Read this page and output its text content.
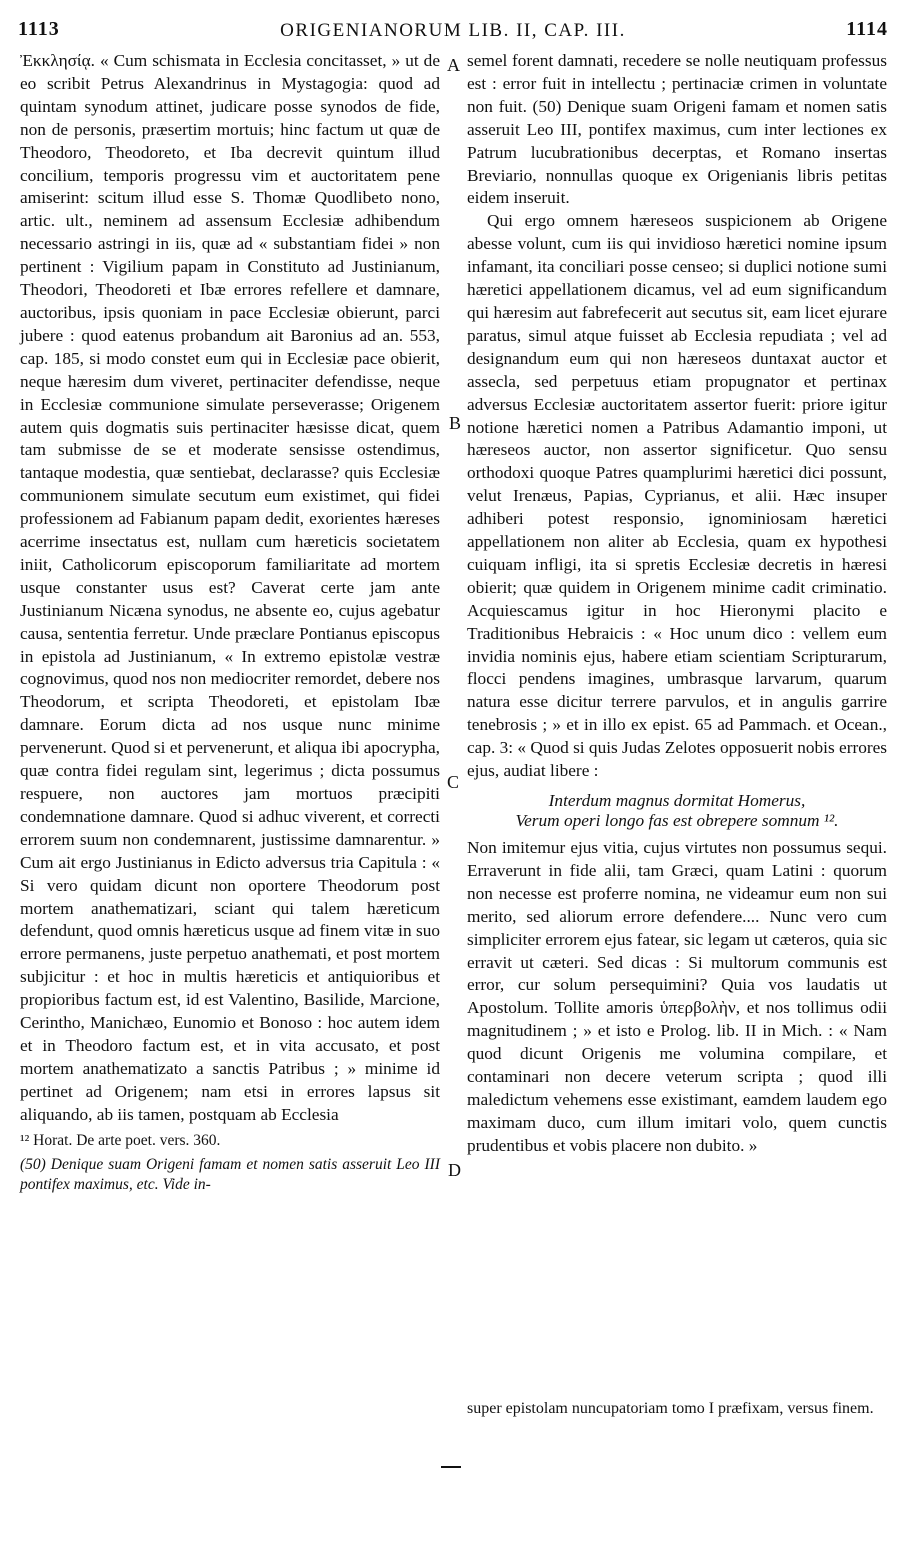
1113	ORIGENIANORUM LIB. II, CAP. III.	1114

Ἐκκλησίᾳ. « Cum schismata in Ecclesia concitasset, » ut de eo scribit Petrus Alexandrinus in Mystagogia: quod ad quintam synodum attinet, judicare posse synodos de fide, non de personis, præsertim mortuis; hinc factum ut quæ de Theodoro, Theodoreto, et Iba decrevit quintum illud concilium, temporis progressu vim et auctoritatem pene amiserint: scitum illud esse S. Thomæ Quodlibeto nono, artic. ult., neminem ad assensum Ecclesiæ adhibendum necessario astringi in iis, quæ ad « substantiam fidei » non pertinent : Vigilium papam in Constituto ad Justinianum, Theodori, Theodoreti et Ibæ errores refellere et damnare, auctoribus, ipsis quoniam in pace Ecclesiæ obierunt, parci jubere : quod eatenus probandum ait Baronius ad an. 553, cap. 185, si modo constet eum qui in Ecclesiæ pace obierit, neque hæresim dum viveret, pertinaciter defendisse, neque in Ecclesiæ communione simulate perseverasse; Origenem autem quis dogmatis suis pertinaciter hæsisse dicat, quem tam submisse de se et moderate sensisse ostendimus, tantaque modestia, quæ sentiebat, declarasse? quis Ecclesiæ communionem simulate secutum eum existimet, qui fidei professionem ad Fabianum papam dedit, exorientes hæreses acerrime insectatus est, nullam cum hæreticis societatem iniit, Catholicorum episcoporum familiaritate ad mortem usque constanter usus est? Caverat certe jam ante Justinianum Nicæna synodus, ne absente eo, cujus agebatur causa, sententia ferretur. Unde præclare Pontianus episcopus in epistola ad Justinianum, « In extremo epistolæ vestræ cognovimus, quod nos non mediocriter remordet, debere nos Theodorum, et scripta Theodoreti, et epistolam Ibæ damnare. Eorum dicta ad nos usque nunc minime pervenerunt. Quod si et pervenerunt, et aliqua ibi apocrypha, quæ contra fidei regulam sint, legerimus ; dicta possumus respuere, non auctores jam mortuos præcipiti condemnatione damnare. Quod si adhuc viverent, et correcti errorem suum non condemnarent, justissime damnarentur. » Cum ait ergo Justinianus in Edicto adversus tria Capitula : « Si vero quidam dicunt non oportere Theodorum post mortem anathematizari, sciant qui talem hæreticum defendunt, quod omnis hæreticus usque ad finem vitæ in suo errore permanens, juste perpetuo anathemati, et post mortem subjicitur : et hoc in multis hæreticis et antiquioribus et propioribus factum est, id est Valentino, Basilide, Marcione, Cerintho, Manichæo, Eunomio et Bonoso : hoc autem idem et in Theodoro factum est, et in vita accusato, et post mortem anathematizato a sanctis Patribus ; » minime id pertinet ad Origenem; nam etsi in errores lapsus sit aliquando, ab iis tamen, postquam ab Ecclesia

¹² Horat. De arte poet. vers. 360.

(50) Denique suam Origeni famam et nomen satis asseruit Leo III pontifex maximus, etc. Vide in-

A
B
C
D

semel forent damnati, recedere se nolle neutiquam professus est : error fuit in intellectu ; pertinaciæ crimen in voluntate non fuit. (50) Denique suam Origeni famam et nomen satis asseruit Leo III, pontifex maximus, cum inter lectiones ex Patrum lucubrationibus decerptas, et Romano insertas Breviario, nonnullas quoque ex Origenianis libris petitas eidem inseruit.

Qui ergo omnem hæreseos suspicionem ab Origene abesse volunt, cum iis qui invidioso hæretici nomine ipsum infamant, ita conciliari posse censeo; si duplici notione sumi hæretici appellationem dicamus, vel ad eum significandum qui hæresim aut fabrefecerit aut secutus sit, eam licet ejurare paratus, simul atque fuisset ab Ecclesia repudiata ; vel ad designandum eum qui non hæreseos duntaxat auctor et assecla, sed perpetuus etiam propugnator et pertinax adversus Ecclesiæ auctoritatem assertor fuerit: priore igitur notione hæretici nomen a Patribus Adamantio imponi, ut hæreseos auctor, non assertor significetur. Quo sensu orthodoxi quoque Patres quamplurimi hæretici dici possunt, velut Irenæus, Papias, Cyprianus, et alii. Hæc insuper adhiberi potest responsio, ignominiosam hæretici appellationem non aliter ab Ecclesia, quam ex hypothesi cuiquam infligi, ita si spretis Ecclesiæ decretis in hæresi obierit; quæ quidem in Origenem minime cadit criminatio. Acquiescamus igitur in hoc Hieronymi placito e Traditionibus Hebraicis : « Hoc unum dico : vellem eum invidia nominis ejus, habere etiam scientiam Scripturarum, flocci pendens imagines, umbrasque larvarum, quarum natura esse dicitur terrere parvulos, et in angulis garrire tenebrosis ; » et in illo ex epist. 65 ad Pammach. et Ocean., cap. 3: « Quod si quis Judas Zelotes opposuerit nobis errores ejus, audiat libere :

Interdum magnus dormitat Homerus,
Verum operi longo fas est obrepere somnum ¹².

Non imitemur ejus vitia, cujus virtutes non possumus sequi. Erraverunt in fide alii, tam Græci, quam Latini : quorum non necesse est proferre nomina, ne videamur eum non sui merito, sed aliorum errore defendere.... Nunc vero cum simpliciter errorem ejus fatear, sic legam ut cæteros, quia sic erravit ut cæteri. Sed dicas : Si multorum communis est error, cur solum persequimini? Quia vos laudatis ut Apostolum. Tollite amoris ὑπερβολὴν, et nos tollimus odii magnitudinem ; » et isto e Prolog. lib. II in Mich. : « Nam quod dicunt Origenis me volumina compilare, et contaminari non decere veterum scripta ; quod illi maledictum vehemens esse existimant, eamdem laudem ego maximam duco, cum illum imitari volo, quem cunctis prudentibus et vobis placere non dubito. »

super epistolam nuncupatoriam tomo I præfixam, versus finem.
